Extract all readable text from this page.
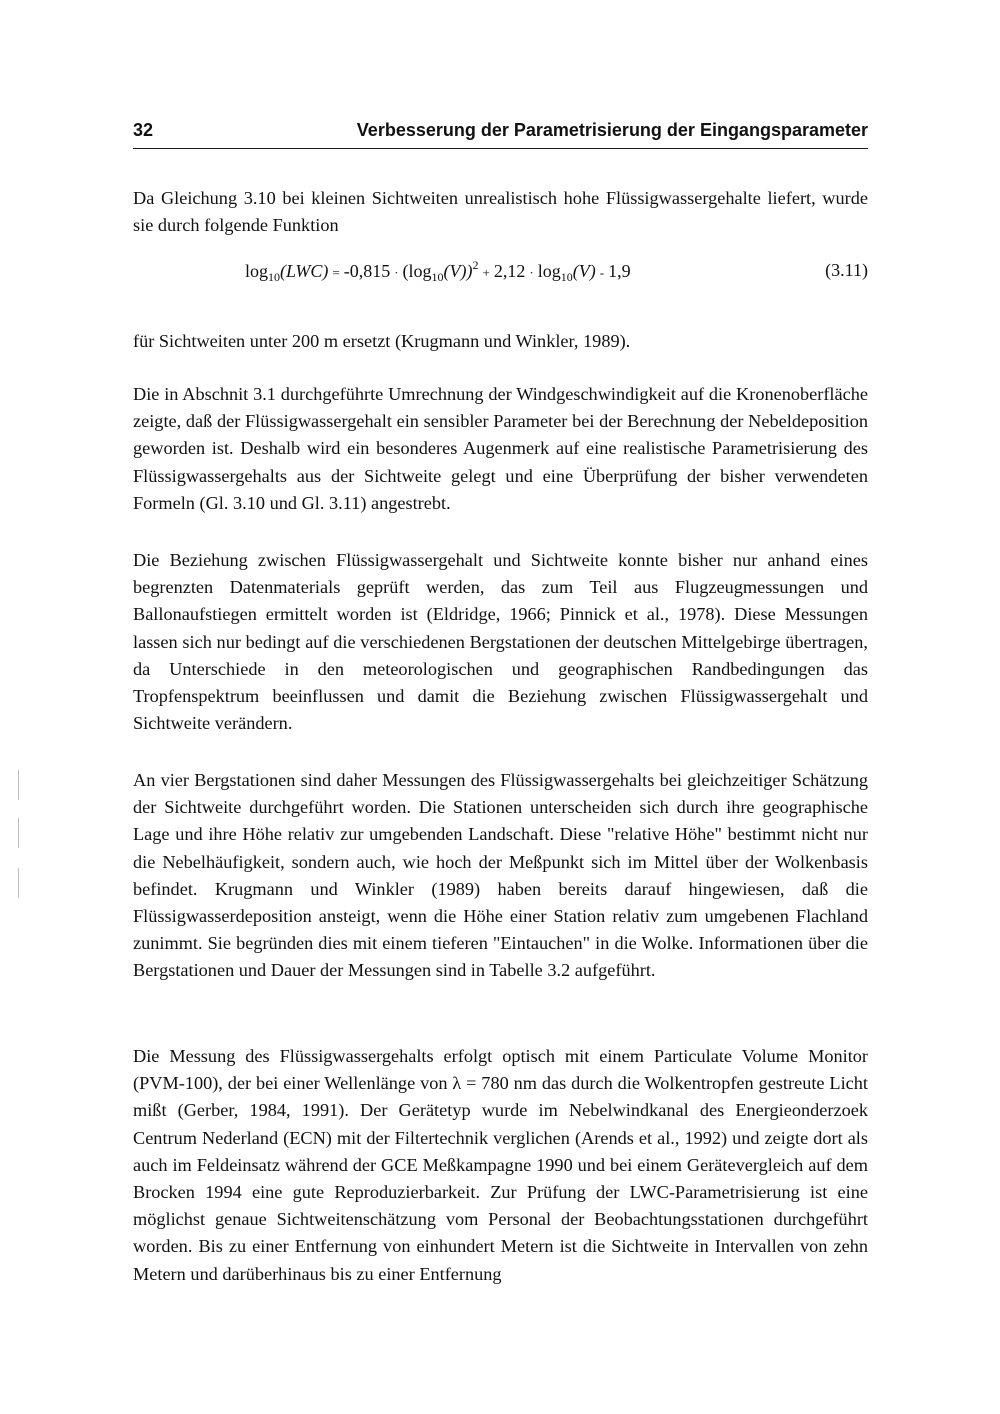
32	Verbesserung der Parametrisierung der Eingangsparameter

Da Gleichung 3.10 bei kleinen Sichtweiten unrealistisch hohe Flüssigwassergehalte liefert, wurde sie durch folgende Funktion

$\log_{10}(LWC) = -0,815 \cdot (\log_{10}(V))^2 + 2,12 \cdot \log_{10}(V) - 1,9$	(3.11)

für Sichtweiten unter 200 m ersetzt (Krugmann und Winkler, 1989).

Die in Abschnit 3.1 durchgeführte Umrechnung der Windgeschwindigkeit auf die Kronenoberfläche zeigte, daß der Flüssigwassergehalt ein sensibler Parameter bei der Berechnung der Nebeldeposition geworden ist. Deshalb wird ein besonderes Augenmerk auf eine realistische Parametrisierung des Flüssigwassergehalts aus der Sichtweite gelegt und eine Überprüfung der bisher verwendeten Formeln (Gl. 3.10 und Gl. 3.11) angestrebt.

Die Beziehung zwischen Flüssigwassergehalt und Sichtweite konnte bisher nur anhand eines begrenzten Datenmaterials geprüft werden, das zum Teil aus Flugzeugmessungen und Ballonaufstiegen ermittelt worden ist (Eldridge, 1966; Pinnick et al., 1978). Diese Messungen lassen sich nur bedingt auf die verschiedenen Bergstationen der deutschen Mittelgebirge übertragen, da Unterschiede in den meteorologischen und geographischen Randbedingungen das Tropfenspektrum beeinflussen und damit die Beziehung zwischen Flüssigwassergehalt und Sichtweite verändern.

An vier Bergstationen sind daher Messungen des Flüssigwassergehalts bei gleichzeitiger Schätzung der Sichtweite durchgeführt worden. Die Stationen unterscheiden sich durch ihre geographische Lage und ihre Höhe relativ zur umgebenden Landschaft. Diese "relative Höhe" bestimmt nicht nur die Nebelhäufigkeit, sondern auch, wie hoch der Meßpunkt sich im Mittel über der Wolkenbasis befindet. Krugmann und Winkler (1989) haben bereits darauf hingewiesen, daß die Flüssigwasserdeposition ansteigt, wenn die Höhe einer Station relativ zum umgebenen Flachland zunimmt. Sie begründen dies mit einem tieferen "Eintauchen" in die Wolke. Informationen über die Bergstationen und Dauer der Messungen sind in Tabelle 3.2 aufgeführt.

Die Messung des Flüssigwassergehalts erfolgt optisch mit einem Particulate Volume Monitor (PVM-100), der bei einer Wellenlänge von λ = 780 nm das durch die Wolkentropfen gestreute Licht mißt (Gerber, 1984, 1991). Der Gerätetyp wurde im Nebelwindkanal des Energieonderzoek Centrum Nederland (ECN) mit der Filtertechnik verglichen (Arends et al., 1992) und zeigte dort als auch im Feldeinsatz während der GCE Meßkampagne 1990 und bei einem Gerätevergleich auf dem Brocken 1994 eine gute Reproduzierbarkeit. Zur Prüfung der LWC-Parametrisierung ist eine möglichst genaue Sichtweitenschätzung vom Personal der Beobachtungsstationen durchgeführt worden. Bis zu einer Entfernung von einhundert Metern ist die Sichtweite in Intervallen von zehn Metern und darüberhinaus bis zu einer Entfernung
